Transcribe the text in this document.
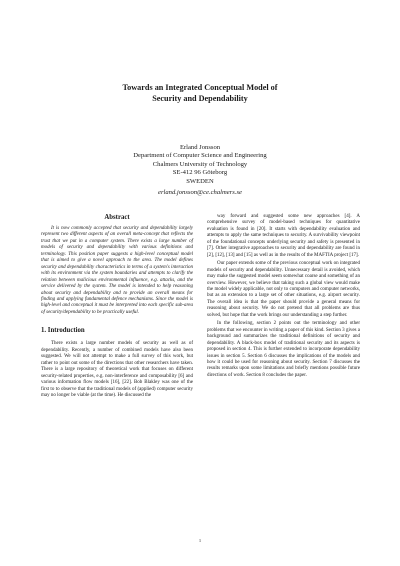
Towards an Integrated Conceptual Model of
Security and Dependability
Erland Jonsson
Department of Computer Science and Engineering
Chalmers University of Technology
SE-412 96 Göteborg
SWEDEN
erland.jonsson@ce.chalmers.se
Abstract

It is now commonly accepted that security and dependability largely represent two different aspects of an overall meta-concept that reflects the trust that we put in a computer system. There exists a large number of models of security and dependability with various definitions and terminology. This position paper suggests a high-level conceptual model that is aimed to give a novel approach to the area. The model defines security and dependability characteristics in terms of a system's interaction with its environment via the system boundaries and attempts to clarify the relation between malicious environmental influence, e.g. attacks, and the service delivered by the system. The model is intended to help reasoning about security and dependability and to provide an overall means for finding and applying fundamental defence mechanisms. Since the model is high-level and conceptual it must be interpreted into each specific sub-area of security/dependability to be practically useful.

1. Introduction

There exists a large number models of security as well as of dependability. Recently, a number of combined models have also been suggested. We will not attempt to make a full survey of this work, but rather to point out some of the directions that other researchers have taken. There is a large repository of theoretical work that focuses on different security-related properties, e.g. non-interference and composability [6] and various information flow models [16], [22]. Bob Blakley was one of the first to to observe that the traditional models of (applied) computer security may no longer be viable (at the time). He discussed the

way forward and suggested some new approaches [4]. A comprehensive survey of model-based techniques for quantitative evaluation is found in [20]. It starts with dependability evaluation and attempts to apply the same techniques to security. A survivability viewpoint of the foundational concepts underlying security and safety is presented in [7]. Other integrative approaches to security and dependability are found in [2], [12], [13] and [15] as well as in the results of the MAFTIA project [17].

Our paper extends some of the previous conceptual work on integrated models of security and dependability. Unnecessary detail is avoided, which may make the suggested model seem somewhat coarse and something of an overview. However, we believe that taking such a global view would make the model widely applicable, not only to computers and computer networks, but as an extension to a large set of other situations, e.g. airport security. The overall idea is that the paper should provide a general means for reasoning about security. We do not pretend that all problems are thus solved, but hope that the work brings our understanding a step further.

In the following, section 2 points out the terminology and other problems that we encounter in writing a paper of this kind. Section 3 gives a background and summarizes the traditional definitions of security and dependability. A black-box model of traditional security and its aspects is proposed in section 4. This is further extended to incorporate dependability issues in section 5. Section 6 discusses the implications of the models and how it could be used for reasoning about security. Section 7 discusses the results remarks upon some limitations and briefly mentions possible future directions of work. Section 8 concludes the paper.

1
